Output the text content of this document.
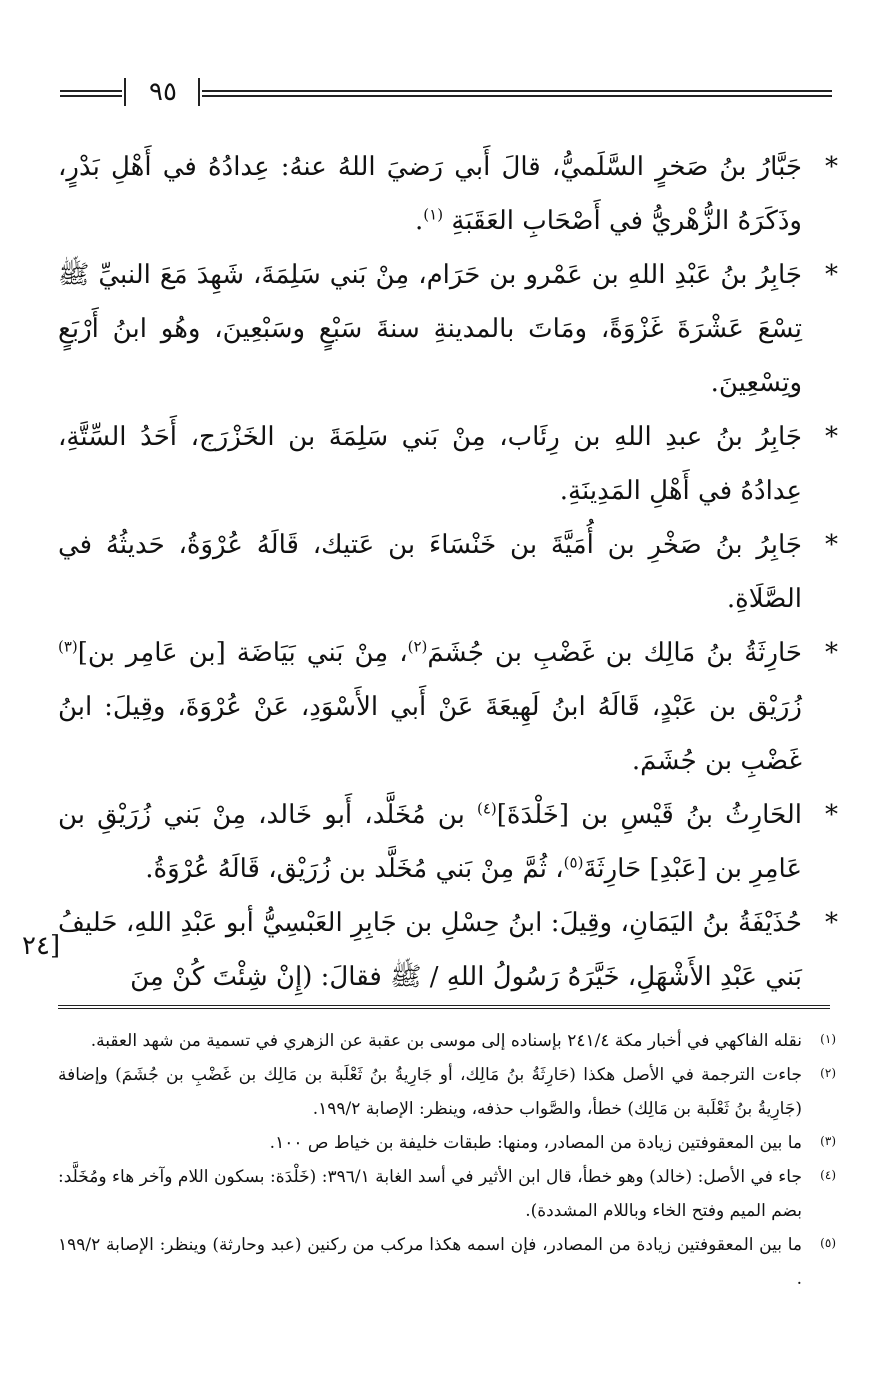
٩٥

*
جَبَّارُ بنُ صَخرٍ السَّلَميُّ، قالَ أَبي رَضيَ اللهُ عنهُ: عِدادُهُ في أَهْلِ بَدْرٍ، وذَكَرَهُ الزُّهْريُّ في أَصْحَابِ العَقَبَةِ $^{(١)}$.

*
جَابِرُ بنُ عَبْدِ اللهِ بن عَمْرو بن حَرَام، مِنْ بَني سَلِمَةَ، شَهِدَ مَعَ النبيِّ ﷺ تِسْعَ عَشْرَةَ غَزْوَةً، ومَاتَ بالمدينةِ سنةَ سَبْعٍ وسَبْعِينَ، وهُو ابنُ أَرْبَعٍ وتِسْعِينَ.

*
جَابِرُ بنُ عبدِ اللهِ بن رِئَاب، مِنْ بَني سَلِمَةَ بن الخَزْرَج، أَحَدُ السِّتَّةِ، عِدادُهُ في أَهْلِ المَدِينَةِ.

*
جَابِرُ بنُ صَخْرِ بن أُمَيَّةَ بن خَنْسَاءَ بن عَتيك، قَالَهُ عُرْوَةُ، حَديثُهُ في الصَّلَاةِ.

*
حَارِثَةُ بنُ مَالِك بن غَضْبِ بن جُشَمَ$^{(٢)}$، مِنْ بَني بَيَاضَة [بن عَامِر بن]$^{(٣)}$ زُرَيْق بن عَبْدٍ، قَالَهُ ابنُ لَهِيعَةَ عَنْ أَبي الأَسْوَدِ، عَنْ عُرْوَةَ، وقِيلَ: ابنُ غَضْبِ بن جُشَمَ.

*
الحَارِثُ بنُ قَيْسِ بن [خَلْدَةَ]$^{(٤)}$ بن مُخَلَّد، أَبو خَالد، مِنْ بَني زُرَيْقِ بن عَامِرِ بن [عَبْدِ] حَارِثَةَ$^{(٥)}$، ثُمَّ مِنْ بَني مُخَلَّد بن زُرَيْق، قَالَهُ عُرْوَةُ.

*
حُذَيْفَةُ بنُ اليَمَانِ، وقِيلَ: ابنُ حِسْلِ بن جَابِرِ العَبْسِيُّ أبو عَبْدِ اللهِ، حَليفُ بَني عَبْدِ الأَشْهَلِ، خَيَّرَهُ رَسُولُ اللهِ / ﷺ فقالَ: (إِنْ شِئْتَ كُنْ مِنَ

[٢٤

(١)
نقله الفاكهي في أخبار مكة ٢٤١/٤ بإسناده إلى موسى بن عقبة عن الزهري في تسمية من شهد العقبة.

(٢)
جاءت الترجمة في الأصل هكذا (حَارِثَةُ بنُ مَالِك، أو جَارِيةُ بنُ ثَعْلَبة بن مَالِك بن غَضْبِ بن جُشَمَ) وإضافة (جَارِيةُ بنُ ثَعْلَبة بن مَالِك) خطأ، والصَّواب حذفه، وينظر: الإصابة ١٩٩/٢.

(٣)
ما بين المعقوفتين زيادة من المصادر، ومنها: طبقات خليفة بن خياط ص ١٠٠.

(٤)
جاء في الأصل: (خالد) وهو خطأ، قال ابن الأثير في أسد الغابة ٣٩٦/١: (خَلْدَة: بسكون اللام وآخر هاء ومُخَلَّد: بضم الميم وفتح الخاء وباللام المشددة).

(٥)
ما بين المعقوفتين زيادة من المصادر، فإن اسمه هكذا مركب من ركنين (عبد وحارثة) وينظر: الإصابة ١٩٩/٢ .
